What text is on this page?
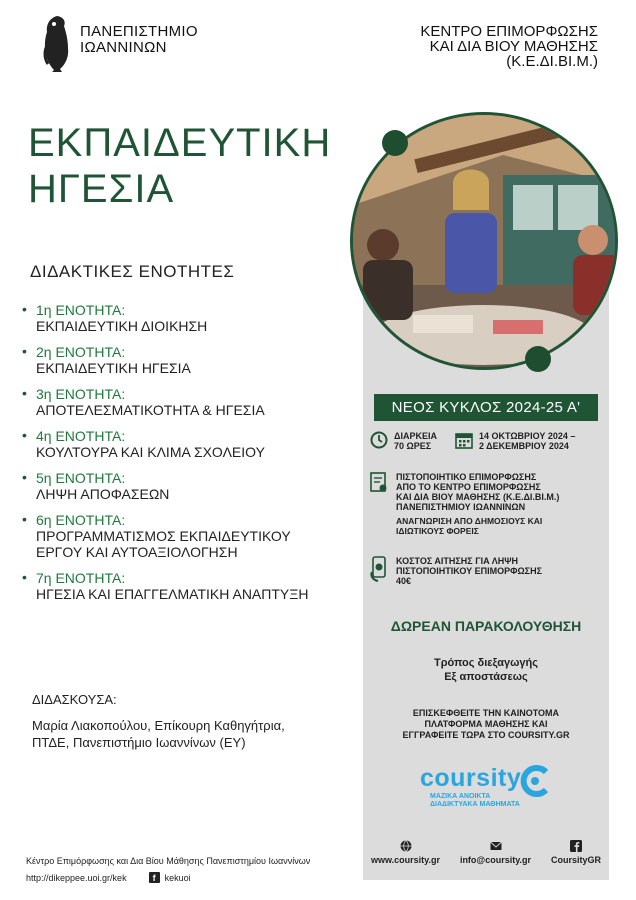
ΠΑΝΕΠΙΣΤΗΜΙΟ
ΙΩΑΝΝΙΝΩΝ
ΚΕΝΤΡΟ ΕΠΙΜΟΡΦΩΣΗΣ
ΚΑΙ ΔΙΑ ΒΙΟΥ ΜΑΘΗΣΗΣ
(Κ.Ε.ΔΙ.ΒΙ.Μ.)
ΕΚΠΑΙΔΕΥΤΙΚΗ
ΗΓΕΣΙΑ
ΔΙΔΑΚΤΙΚΕΣ ΕΝΟΤΗΤΕΣ
• 1η ΕΝΟΤΗΤΑ:
ΕΚΠΑΙΔΕΥΤΙΚΗ ΔΙΟΙΚΗΣΗ
• 2η ΕΝΟΤΗΤΑ:
ΕΚΠΑΙΔΕΥΤΙΚΗ ΗΓΕΣΙΑ
• 3η ΕΝΟΤΗΤΑ:
ΑΠΟΤΕΛΕΣΜΑΤΙΚΟΤΗΤΑ & ΗΓΕΣΙΑ
• 4η ΕΝΟΤΗΤΑ:
ΚΟΥΛΤΟΥΡΑ ΚΑΙ ΚΛΙΜΑ ΣΧΟΛΕΙΟΥ
• 5η ΕΝΟΤΗΤΑ:
ΛΗΨΗ ΑΠΟΦΑΣΕΩΝ
• 6η ΕΝΟΤΗΤΑ:
ΠΡΟΓΡΑΜΜΑΤΙΣΜΟΣ ΕΚΠΑΙΔΕΥΤΙΚΟΥ
ΕΡΓΟΥ ΚΑΙ ΑΥΤΟΑΞΙΟΛΟΓΗΣΗ
• 7η ΕΝΟΤΗΤΑ:
ΗΓΕΣΙΑ ΚΑΙ ΕΠΑΓΓΕΛΜΑΤΙΚΗ ΑΝΑΠΤΥΞΗ
ΔΙΔΑΣΚΟΥΣΑ:
Μαρία Λιακοπούλου, Επίκουρη Καθηγήτρια,
ΠΤΔΕ, Πανεπιστήμιο Ιωαννίνων (ΕΥ)
Κέντρο Επιμόρφωσης και Δια Βίου Μάθησης Πανεπιστημίου Ιωαννίνων
http://dikeppee.uoi.gr/kek	f	kekuoi
ΝΕΟΣ ΚΥΚΛΟΣ 2024-25 Α'
ΔΙΑΡΚΕΙΑ
70 ΩΡΕΣ
14 ΟΚΤΩΒΡΙΟΥ 2024 –
2 ΔΕΚΕΜΒΡΙΟΥ 2024
ΠΙΣΤΟΠΟΙΗΤΙΚΟ ΕΠΙΜΟΡΦΩΣΗΣ
ΑΠΟ ΤΟ ΚΕΝΤΡΟ ΕΠΙΜΟΡΦΩΣΗΣ
ΚΑΙ ΔΙΑ ΒΙΟΥ ΜΑΘΗΣΗΣ (Κ.Ε.ΔΙ.ΒΙ.Μ.)
ΠΑΝΕΠΙΣΤΗΜΙΟΥ ΙΩΑΝΝΙΝΩΝ
ΑΝΑΓΝΩΡΙΣΗ ΑΠΟ ΔΗΜΟΣΙΟΥΣ ΚΑΙ
ΙΔΙΩΤΙΚΟΥΣ ΦΟΡΕΙΣ
ΚΟΣΤΟΣ ΑΙΤΗΣΗΣ ΓΙΑ ΛΗΨΗ
ΠΙΣΤΟΠΟΙΗΤΙΚΟΥ ΕΠΙΜΟΡΦΩΣΗΣ
40€
ΔΩΡΕΑΝ ΠΑΡΑΚΟΛΟΥΘΗΣΗ
Τρόπος διεξαγωγής
Εξ αποστάσεως
ΕΠΙΣΚΕΦΘΕΙΤΕ ΤΗΝ ΚΑΙΝΟΤΟΜΑ
ΠΛΑΤΦΟΡΜΑ ΜΑΘΗΣΗΣ ΚΑΙ
ΕΓΓΡΑΦΕΙΤΕ ΤΩΡΑ ΣΤΟ COURSITY.GR
coursity
ΜΑΖΙΚΑ ΑΝΟΙΚΤΑ
ΔΙΑΔΙΚΤΥΑΚΑ ΜΑΘΗΜΑΤΑ
www.coursity.gr info@coursity.gr CoursityGR
